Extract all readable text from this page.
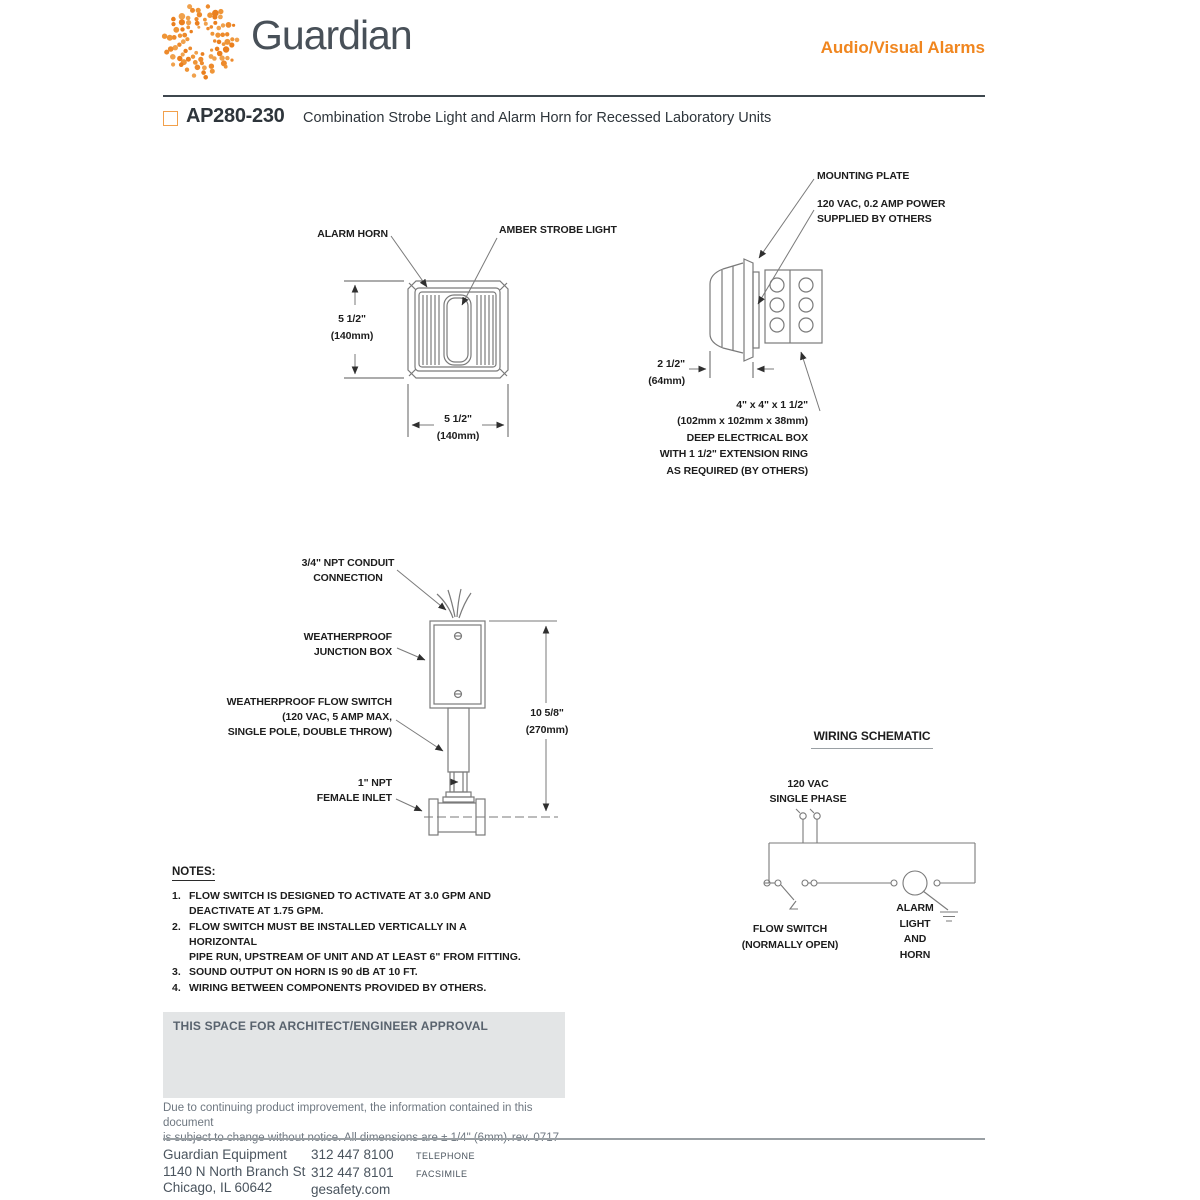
Guardian	Audio/Visual Alarms
AP280-230 Combination Strobe Light and Alarm Horn for Recessed Laboratory Units
ALARM HORN	AMBER STROBE LIGHT
5 1/2"
(140mm)
5 1/2"
(140mm)
MOUNTING PLATE
120 VAC, 0.2 AMP POWER
SUPPLIED BY OTHERS
2 1/2"
(64mm)
4" x 4" x 1 1/2"
(102mm x 102mm x 38mm)
DEEP ELECTRICAL BOX
WITH 1 1/2" EXTENSION RING
AS REQUIRED (BY OTHERS)
3/4" NPT CONDUIT
CONNECTION
WEATHERPROOF
JUNCTION BOX
WEATHERPROOF FLOW SWITCH
(120 VAC, 5 AMP MAX,
SINGLE POLE, DOUBLE THROW)
1" NPT
FEMALE INLET
10 5/8"
(270mm)	WIRING SCHEMATIC
120 VAC
SINGLE PHASE
FLOW SWITCH
(NORMALLY OPEN)
ALARM
LIGHT
AND
HORN
NOTES:
1. FLOW SWITCH IS DESIGNED TO ACTIVATE AT 3.0 GPM AND
DEACTIVATE AT 1.75 GPM.
2. FLOW SWITCH MUST BE INSTALLED VERTICALLY IN A HORIZONTAL
PIPE RUN, UPSTREAM OF UNIT AND AT LEAST 6" FROM FITTING.
3. SOUND OUTPUT ON HORN IS 90 dB AT 10 FT.
4. WIRING BETWEEN COMPONENTS PROVIDED BY OTHERS.
THIS SPACE FOR ARCHITECT/ENGINEER APPROVAL
Due to continuing product improvement, the information contained in this document
Guardian Equipment
1140 N North Branch St
Chicago, IL 60642
312 447 8100	TELEPHONE
312 447 8101	FACSIMILE
gesafety.com
